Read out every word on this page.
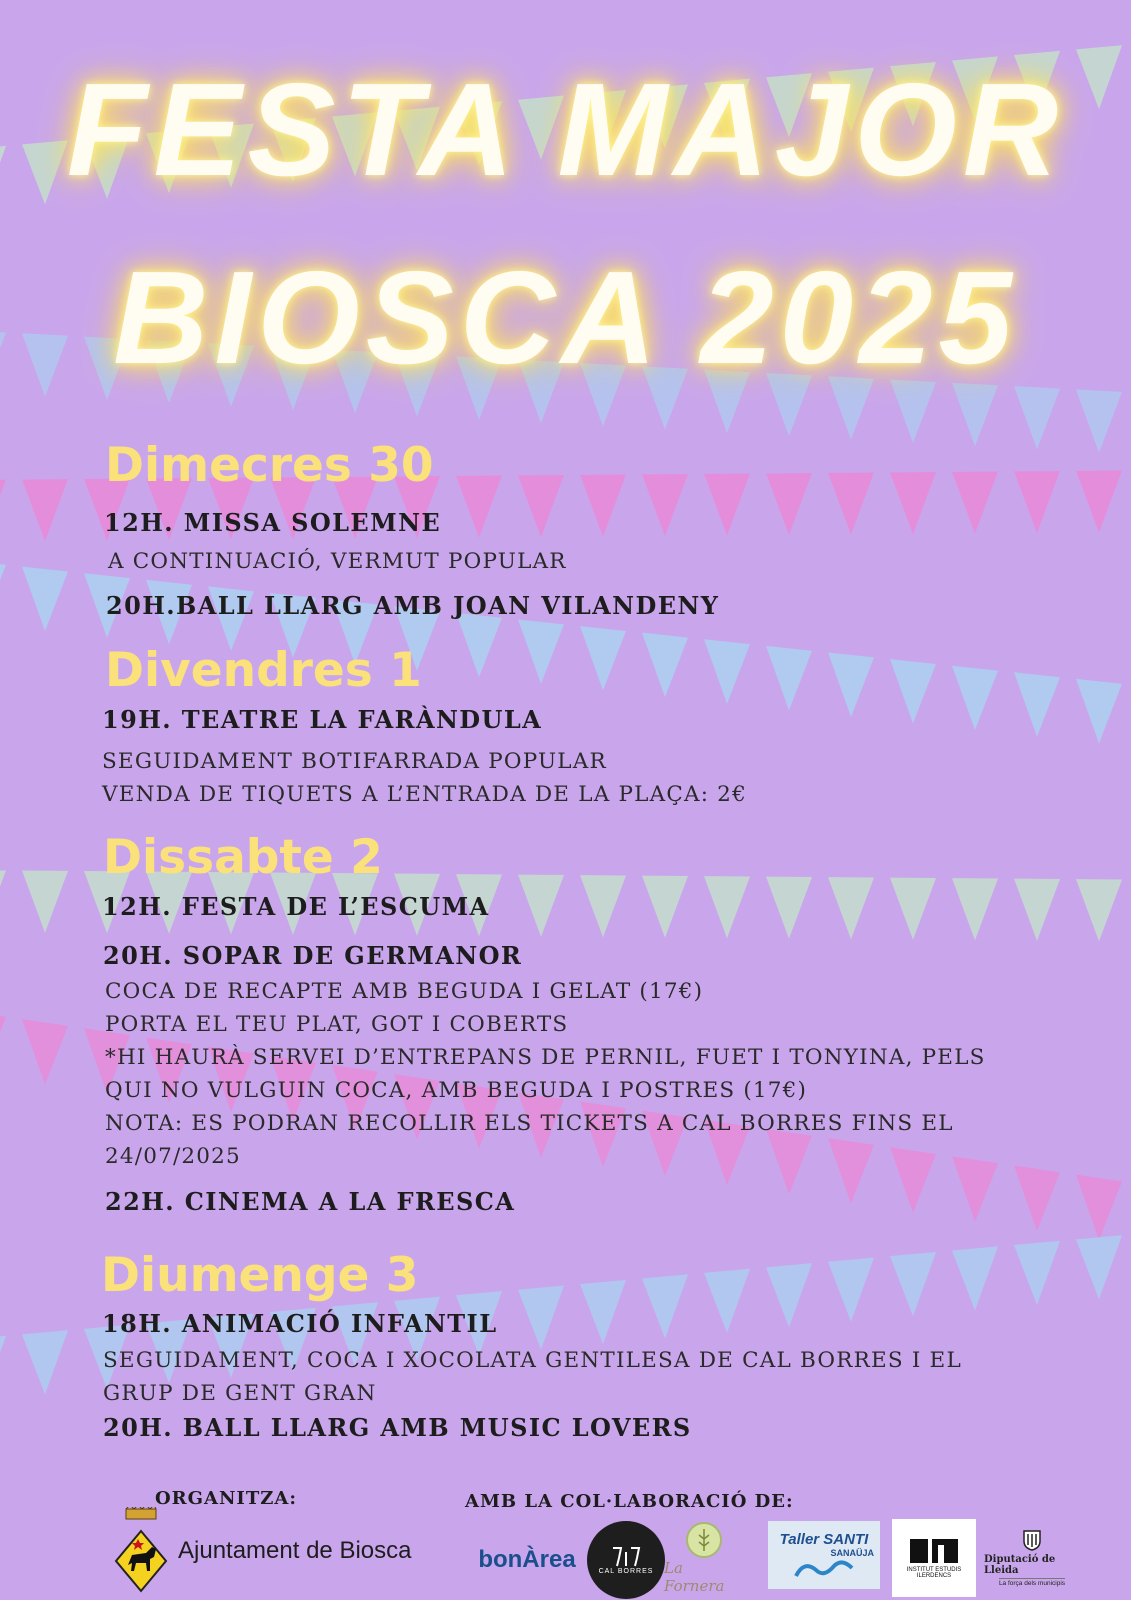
FESTA MAJOR
BIOSCA 2025
Dimecres 30
12H. MISSA SOLEMNE
A CONTINUACIÓ, VERMUT POPULAR
20H.BALL LLARG AMB JOAN VILANDENY
Divendres 1
19H. TEATRE LA FARÀNDULA
SEGUIDAMENT BOTIFARRADA POPULAR
VENDA DE TIQUETS A L’ENTRADA DE LA PLAÇA: 2€
Dissabte 2
12H. FESTA DE L’ESCUMA
20H. SOPAR DE GERMANOR
COCA DE RECAPTE AMB BEGUDA I GELAT (17€)
PORTA EL TEU PLAT, GOT I COBERTS
*HI HAURÀ SERVEI D’ENTREPANS DE PERNIL, FUET I TONYINA, PELS
QUI NO VULGUIN COCA, AMB BEGUDA I POSTRES (17€)
NOTA: ES PODRAN RECOLLIR ELS TICKETS A CAL BORRES FINS EL
24/07/2025
22H. CINEMA A LA FRESCA
Diumenge 3
18H. ANIMACIÓ INFANTIL
SEGUIDAMENT, COCA I XOCOLATA GENTILESA DE CAL BORRES I EL
GRUP DE GENT GRAN
20H. BALL LLARG AMB MUSIC LOVERS
ORGANITZA:
Ajuntament de Biosca
AMB LA COL·LABORACIÓ DE:
bonÀrea	CAL BORRES La Fornera
Taller SANTI
SANAÜJA
INSTITUT ESTUDIS ILERDENCS
Diputació de Lleida
La força dels municipis
